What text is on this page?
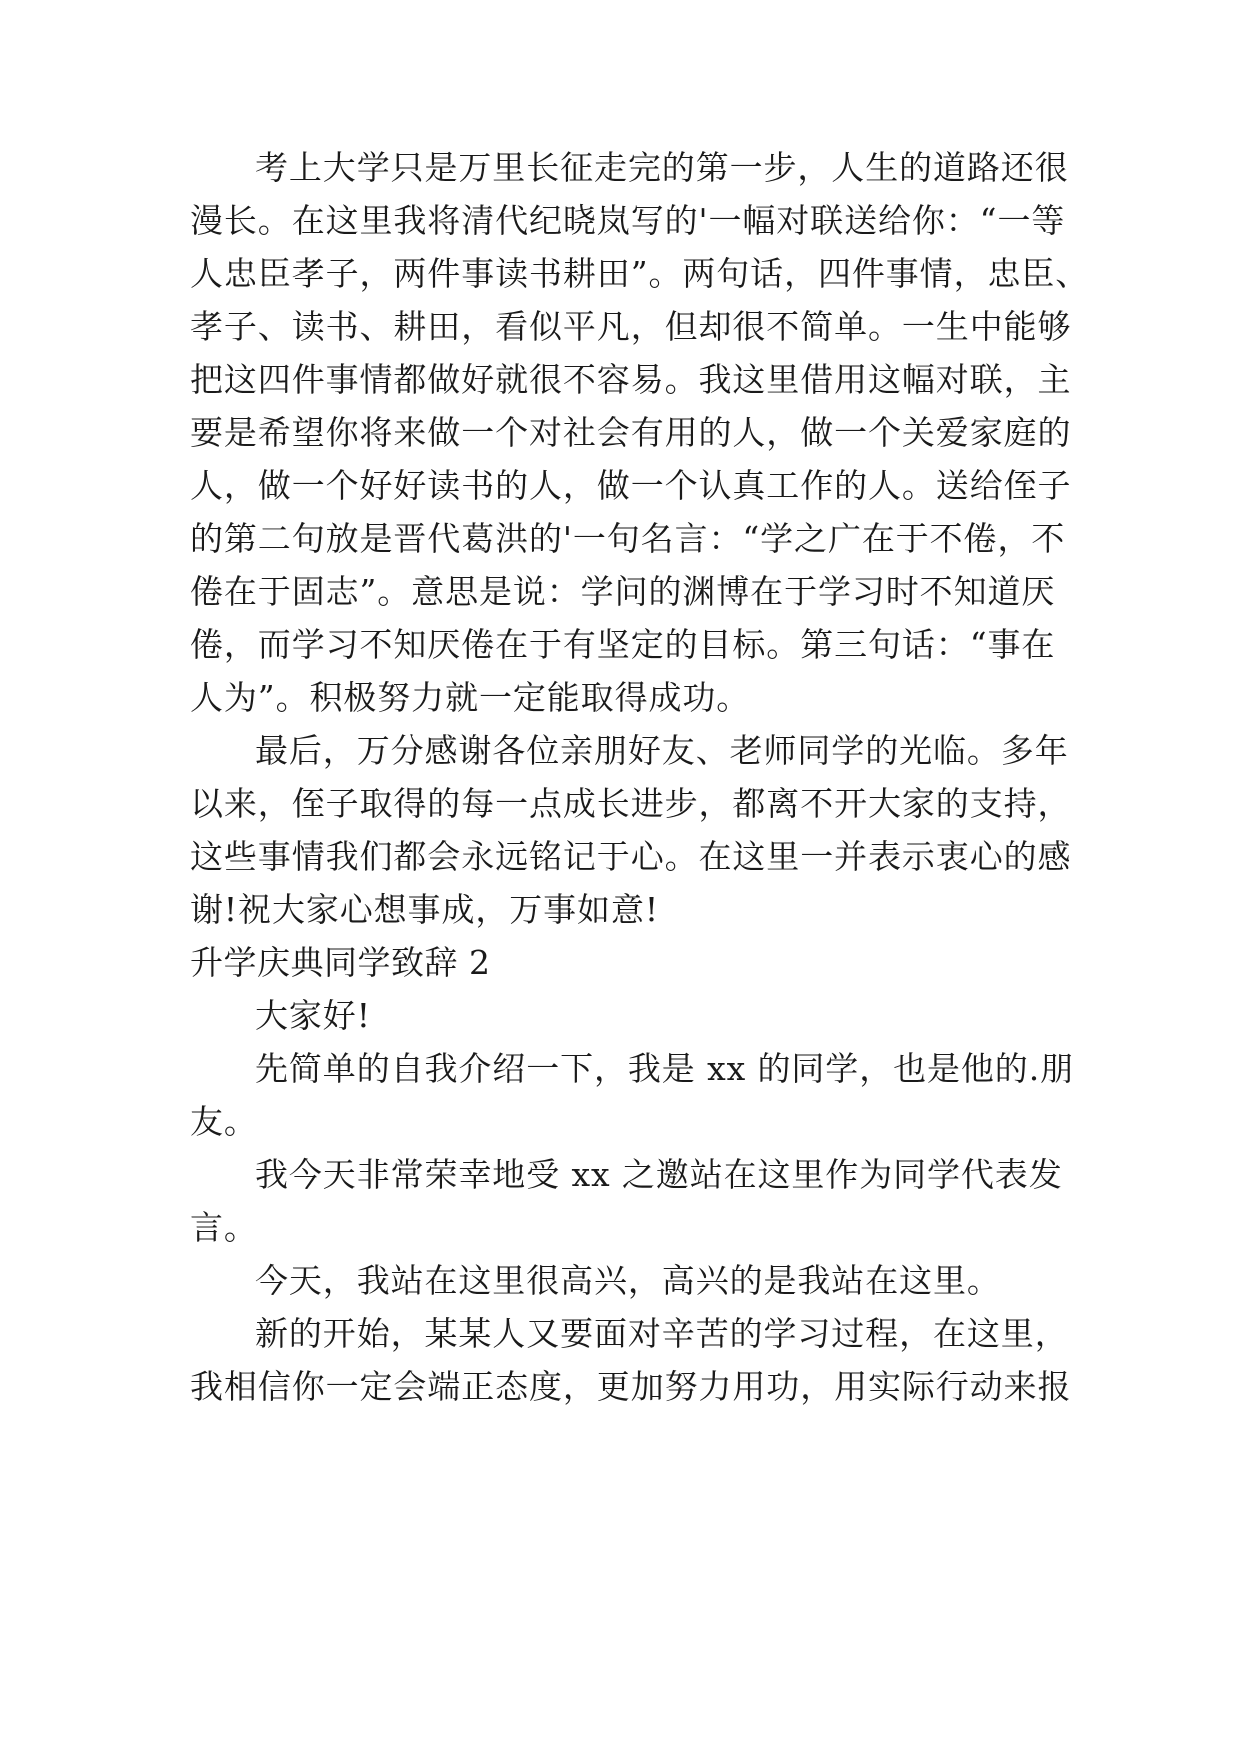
考上大学只是万里长征走完的第一步，人生的道路还很

漫长。在这里我将清代纪晓岚写的'一幅对联送给你：“一等

人忠臣孝子，两件事读书耕田”。两句话，四件事情，忠臣、

孝子、读书、耕田，看似平凡，但却很不简单。一生中能够

把这四件事情都做好就很不容易。我这里借用这幅对联，主

要是希望你将来做一个对社会有用的人，做一个关爱家庭的

人，做一个好好读书的人，做一个认真工作的人。送给侄子

的第二句放是晋代葛洪的'一句名言：“学之广在于不倦，不

倦在于固志”。意思是说：学问的渊博在于学习时不知道厌

倦，而学习不知厌倦在于有坚定的目标。第三句话：“事在

人为”。积极努力就一定能取得成功。

最后，万分感谢各位亲朋好友、老师同学的光临。多年

以来，侄子取得的每一点成长进步，都离不开大家的支持，

这些事情我们都会永远铭记于心。在这里一并表示衷心的感

谢!祝大家心想事成，万事如意!

升学庆典同学致辞 2

大家好!

先简单的自我介绍一下，我是 xx 的同学，也是他的.朋

友。

我今天非常荣幸地受 xx 之邀站在这里作为同学代表发

言。

今天，我站在这里很高兴，高兴的是我站在这里。

新的开始，某某人又要面对辛苦的学习过程，在这里，

我相信你一定会端正态度，更加努力用功，用实际行动来报
